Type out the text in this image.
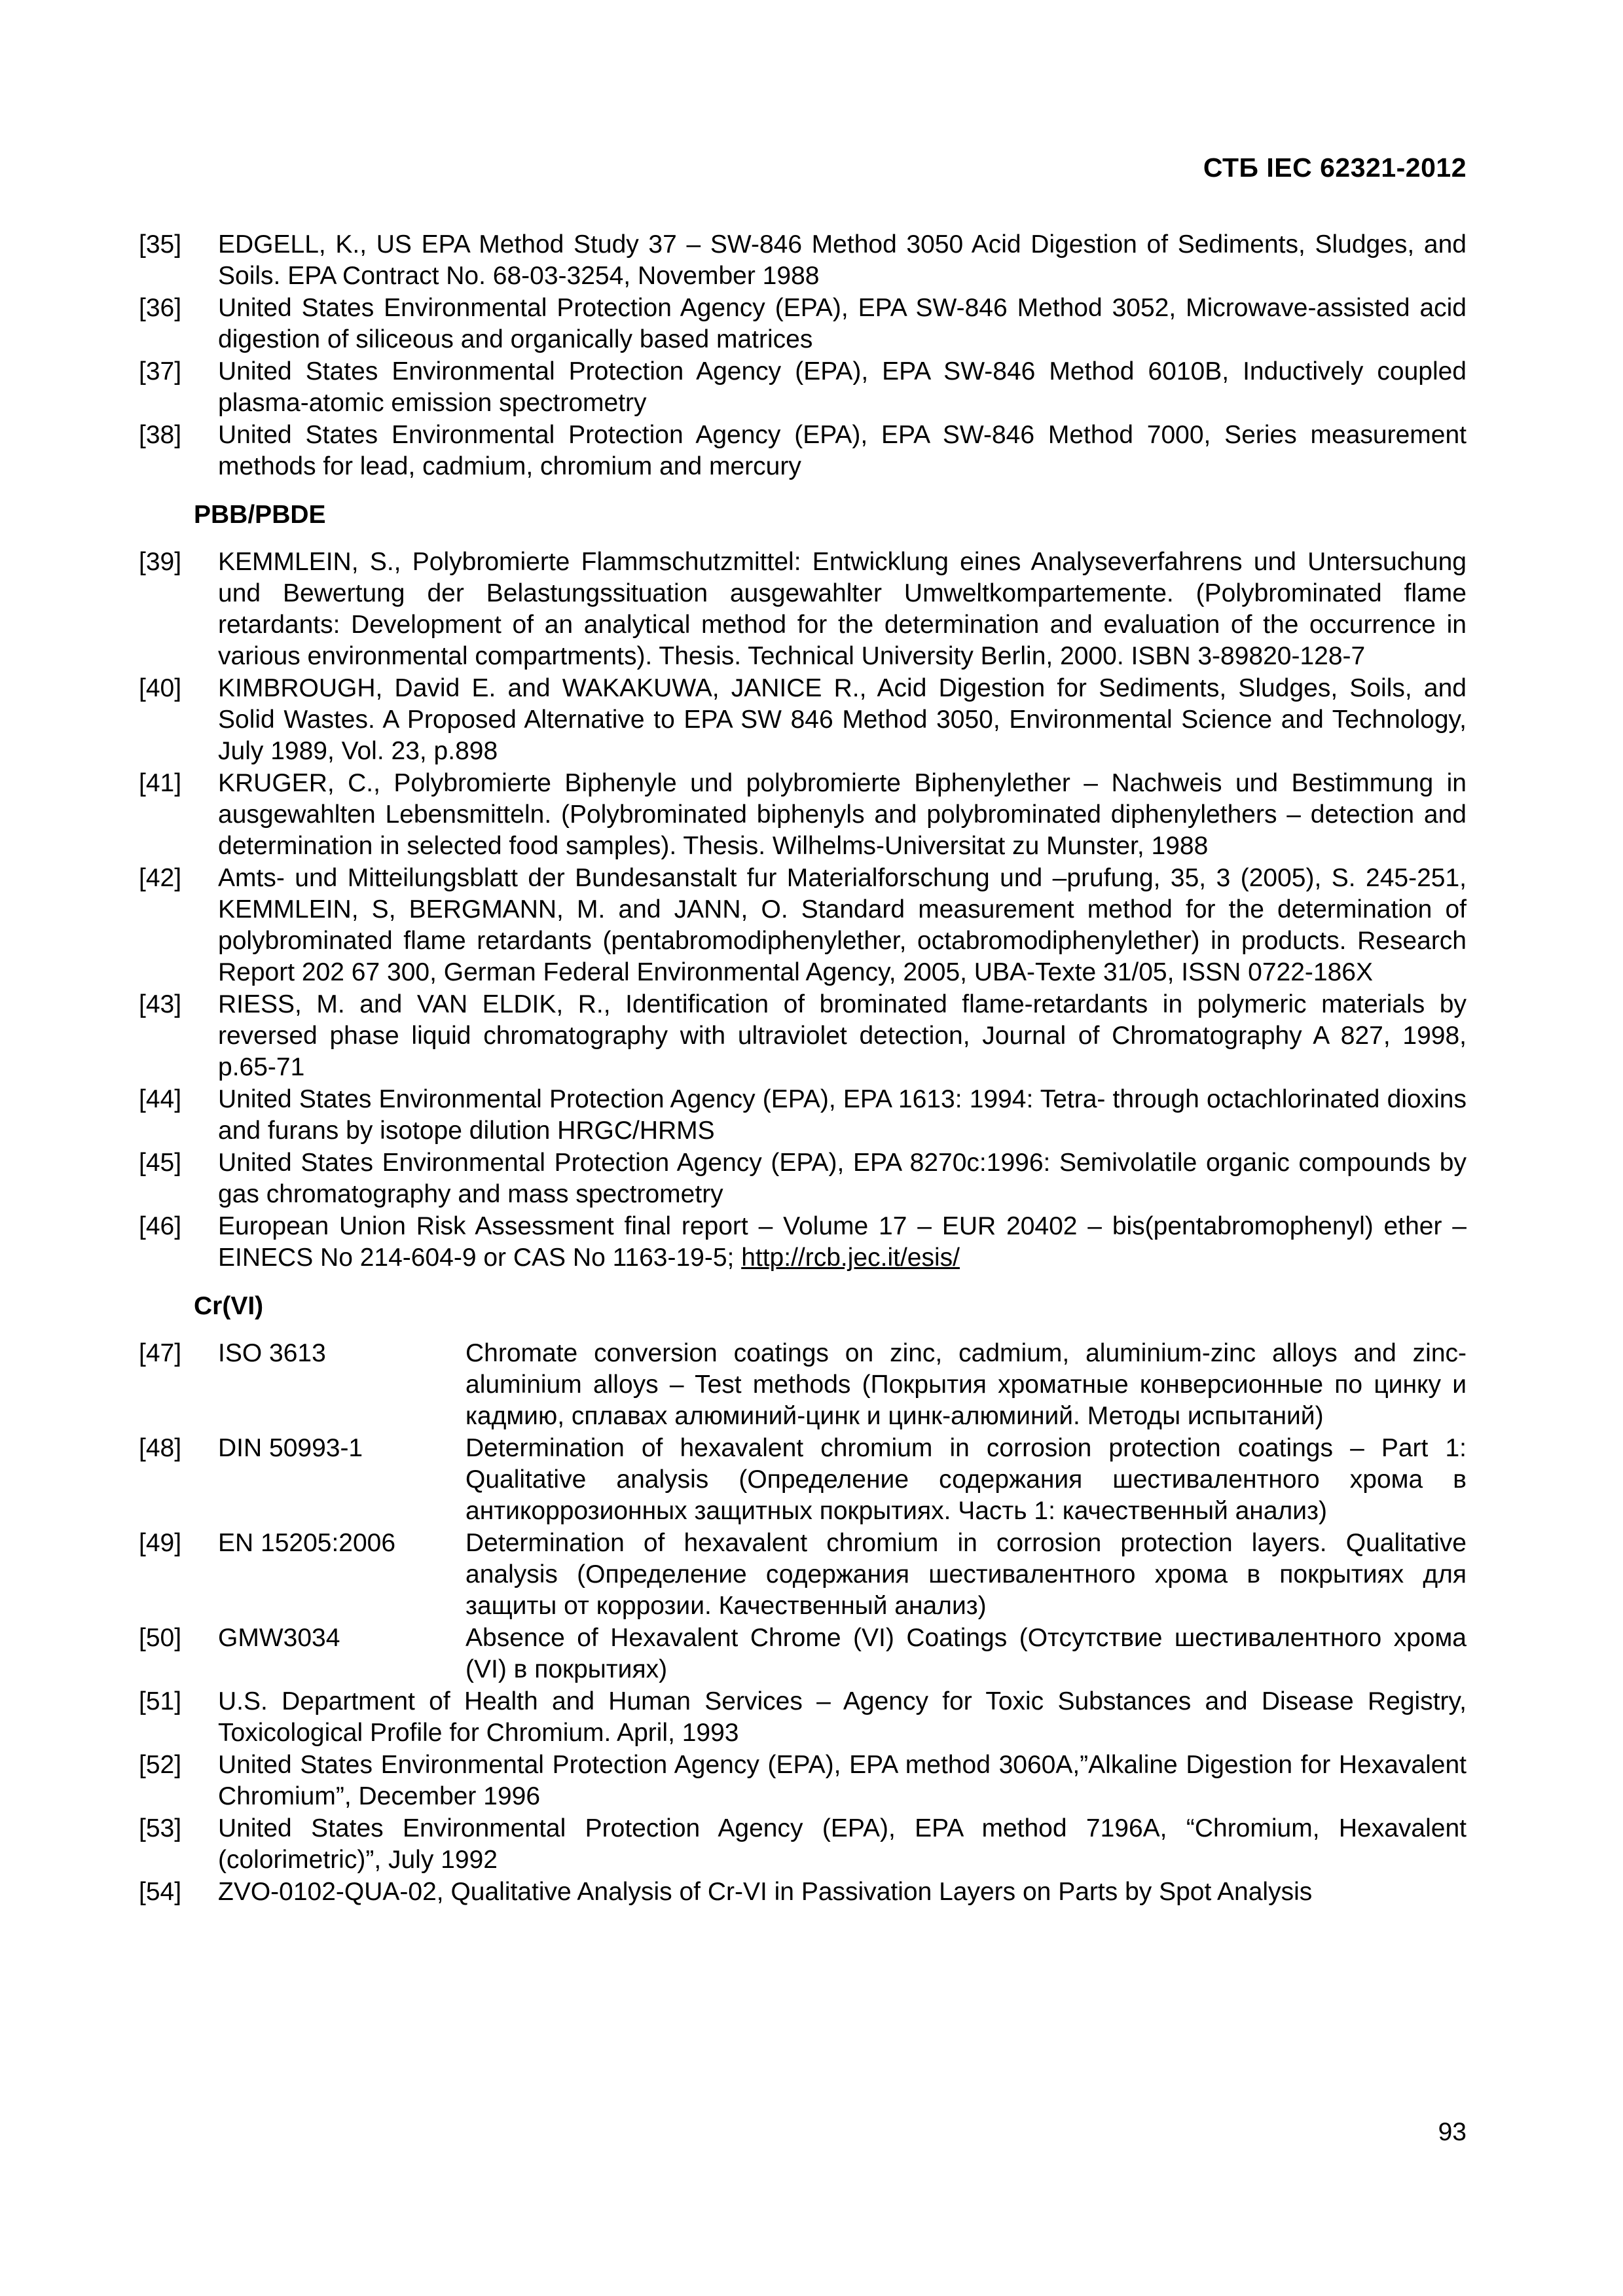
СТБ IEC 62321-2012
[35]	EDGELL, K., US EPA Method Study 37 – SW-846 Method 3050 Acid Digestion of Sediments, Sludges, and Soils. EPA Contract No. 68-03-3254, November 1988
[36]	United States Environmental Protection Agency (EPA), EPA SW-846 Method 3052, Microwave-assisted acid digestion of siliceous and organically based matrices
[37]	United States Environmental Protection Agency (EPA), EPA SW-846 Method 6010B, Inductively coupled plasma-atomic emission spectrometry
[38]	United States Environmental Protection Agency (EPA), EPA SW-846 Method 7000, Series measurement methods for lead, cadmium, chromium and mercury
PBB/PBDE
[39]	KEMMLEIN, S., Polybromierte Flammschutzmittel: Entwicklung eines Analyseverfahrens und Untersuchung und Bewertung der Belastungssituation ausgewahlter Umweltkompartemente. (Polybrominated flame retardants: Development of an analytical method for the determination and evaluation of the occurrence in various environmental compartments). Thesis. Technical University Berlin, 2000. ISBN 3-89820-128-7
[40]	KIMBROUGH, David E. and WAKAKUWA, JANICE R., Acid Digestion for Sediments, Sludges, Soils, and Solid Wastes. A Proposed Alternative to EPA SW 846 Method 3050, Environmental Science and Technology, July 1989, Vol. 23, p.898
[41]	KRUGER, C., Polybromierte Biphenyle und polybromierte Biphenylether – Nachweis und Bestimmung in ausgewahlten Lebensmitteln. (Polybrominated biphenyls and polybrominated diphenylethers – detection and determination in selected food samples). Thesis. Wilhelms-Universitat zu Munster, 1988
[42]	Amts- und Mitteilungsblatt der Bundesanstalt fur Materialforschung und –prufung, 35, 3 (2005), S. 245-251, KEMMLEIN, S, BERGMANN, M. and JANN, O. Standard measurement method for the determination of polybrominated flame retardants (pentabromodiphenylether, octabromodiphenylether) in products. Research Report 202 67 300, German Federal Environmental Agency, 2005, UBA-Texte 31/05, ISSN 0722-186X
[43]	RIESS, M. and VAN ELDIK, R., Identification of brominated flame-retardants in polymeric materials by reversed phase liquid chromatography with ultraviolet detection, Journal of Chromatography A 827, 1998, p.65-71
[44]	United States Environmental Protection Agency (EPA), EPA 1613: 1994: Tetra- through octachlorinated dioxins and furans by isotope dilution HRGC/HRMS
[45]	United States Environmental Protection Agency (EPA), EPA 8270c:1996: Semivolatile organic compounds by gas chromatography and mass spectrometry
[46]	European Union Risk Assessment final report – Volume 17 – EUR 20402 – bis(pentabromophenyl) ether – EINECS No 214-604-9 or CAS No 1163-19-5; http://rcb.jec.it/esis/
Cr(VI)
[47]	ISO 3613	Chromate conversion coatings on zinc, cadmium, aluminium-zinc alloys and zinc-aluminium alloys – Test methods (Покрытия хроматные конверсионные по цинку и кадмию, сплавах алюминий-цинк и цинк-алюминий. Методы испытаний)
[48]	DIN 50993-1	Determination of hexavalent chromium in corrosion protection coatings – Part 1: Qualitative analysis (Определение содержания шестивалентного хрома в антикоррозионных защитных покрытиях. Часть 1: качественный анализ)
[49]	EN 15205:2006	Determination of hexavalent chromium in corrosion protection layers. Qualitative analysis (Определение содержания шестивалентного хрома в покрытиях для защиты от коррозии. Качественный анализ)
[50]	GMW3034	Absence of Hexavalent Chrome (VI) Coatings (Отсутствие шестивалентного хрома (VI) в покрытиях)
[51]	U.S. Department of Health and Human Services – Agency for Toxic Substances and Disease Registry, Toxicological Profile for Chromium. April, 1993
[52]	United States Environmental Protection Agency (EPA), EPA method 3060A,”Alkaline Digestion for Hexavalent Chromium”, December 1996
[53]	United States Environmental Protection Agency (EPA), EPA method 7196A, “Chromium, Hexavalent (colorimetric)”, July 1992
[54]	ZVO-0102-QUA-02, Qualitative Analysis of Cr-VI in Passivation Layers on Parts by Spot Analysis
93
